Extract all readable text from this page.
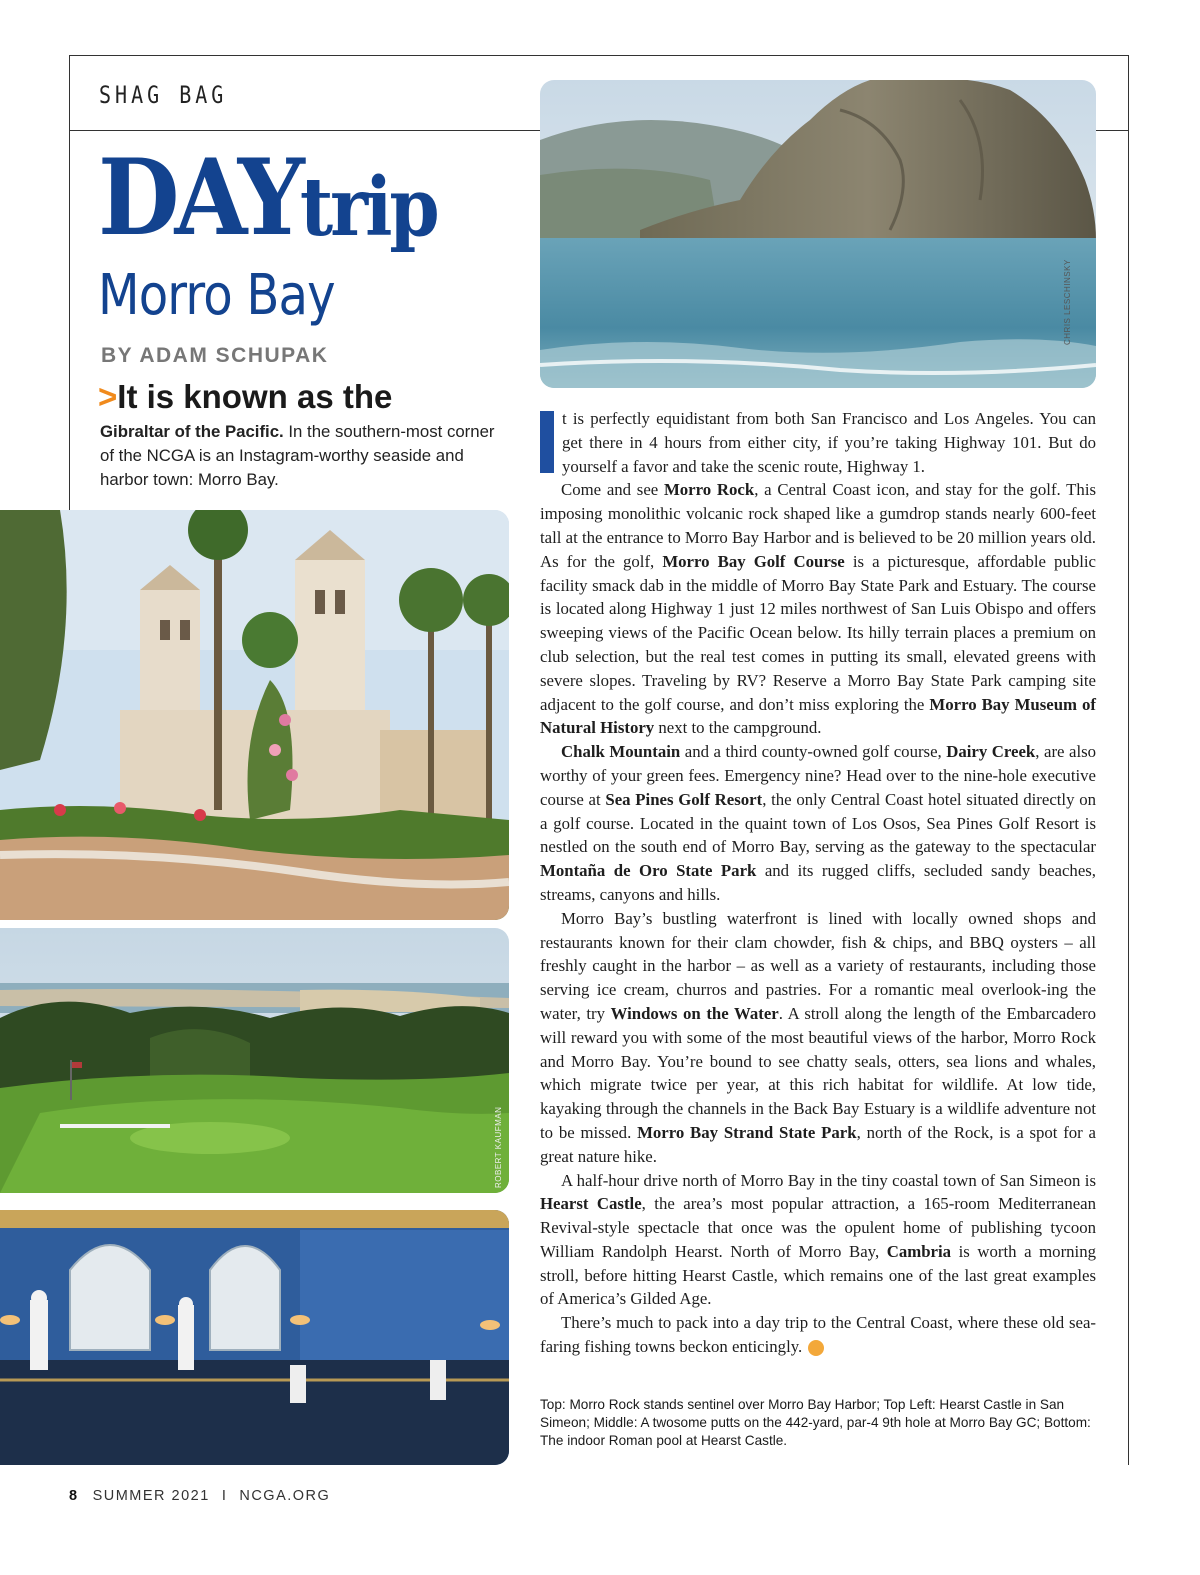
SHAG BAG
DAYtrip
Morro Bay
BY ADAM SCHUPAK
>It is known as the
Gibraltar of the Pacific. In the southern-most corner of the NCGA is an Instagram-worthy seaside and harbor town: Morro Bay.
CHRIS LESCHINSKY
ROBERT KAUFMAN

t is perfectly equidistant from both San Francisco and Los Angeles. You can get there in 4 hours from either city, if you’re taking Highway 101. But do yourself a favor and take the scenic route, Highway 1.

Come and see Morro Rock, a Central Coast icon, and stay for the golf. This imposing monolithic volcanic rock shaped like a gumdrop stands nearly 600-feet tall at the entrance to Morro Bay Harbor and is believed to be 20 million years old. As for the golf, Morro Bay Golf Course is a picturesque, affordable public facility smack dab in the middle of Morro Bay State Park and Estuary. The course is located along Highway 1 just 12 miles northwest of San Luis Obispo and offers sweeping views of the Pacific Ocean below. Its hilly terrain places a premium on club selection, but the real test comes in putting its small, elevated greens with severe slopes. Traveling by RV? Reserve a Morro Bay State Park camping site adjacent to the golf course, and don’t miss exploring the Morro Bay Museum of Natural History next to the campground.

Chalk Mountain and a third county-owned golf course, Dairy Creek, are also worthy of your green fees. Emergency nine? Head over to the nine-hole executive course at Sea Pines Golf Resort, the only Central Coast hotel situated directly on a golf course. Located in the quaint town of Los Osos, Sea Pines Golf Resort is nestled on the south end of Morro Bay, serving as the gateway to the spectacular Montaña de Oro State Park and its rugged cliffs, secluded sandy beaches, streams, canyons and hills.

Morro Bay’s bustling waterfront is lined with locally owned shops and restaurants known for their clam chowder, fish & chips, and BBQ oysters – all freshly caught in the harbor – as well as a variety of restaurants, including those serving ice cream, churros and pastries. For a romantic meal overlook-ing the water, try Windows on the Water. A stroll along the length of the Embarcadero will reward you with some of the most beautiful views of the harbor, Morro Rock and Morro Bay. You’re bound to see chatty seals, otters, sea lions and whales, which migrate twice per year, at this rich habitat for wildlife. At low tide, kayaking through the channels in the Back Bay Estuary is a wildlife adventure not to be missed. Morro Bay Strand State Park, north of the Rock, is a spot for a great nature hike.

A half-hour drive north of Morro Bay in the tiny coastal town of San Simeon is Hearst Castle, the area’s most popular attraction, a 165-room Mediterranean Revival-style spectacle that once was the opulent home of publishing tycoon William Randolph Hearst. North of Morro Bay, Cambria is worth a morning stroll, before hitting Hearst Castle, which remains one of the last great examples of America’s Gilded Age.

There’s much to pack into a day trip to the Central Coast, where these old sea-faring fishing towns beckon enticingly.

Top: Morro Rock stands sentinel over Morro Bay Harbor; Top Left: Hearst Castle in San Simeon; Middle: A twosome putts on the 442-yard, par-4 9th hole at Morro Bay GC; Bottom: The indoor Roman pool at Hearst Castle.
8 SUMMER 2021 I NCGA.ORG
